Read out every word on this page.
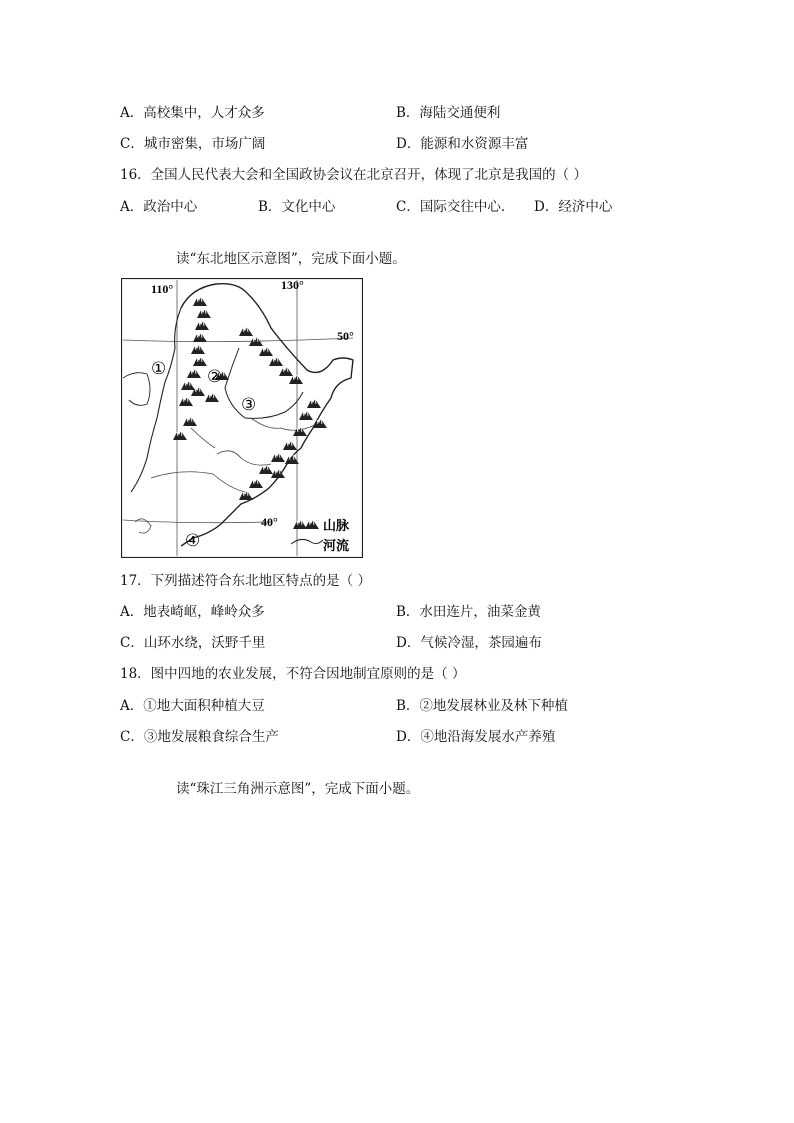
A．高校集中，人才众多	B．海陆交通便利
C．城市密集，市场广阔	D．能源和水资源丰富
16．全国人民代表大会和全国政协会议在北京召开，体现了北京是我国的（ ）
A．政治中心	B．文化中心	C．国际交往中心. D．经济中心
读“东北地区示意图”，完成下面小题。
110°	130°
50°
40°
① ②
③
④
山脉
河流
17．下列描述符合东北地区特点的是（ ）
A．地表崎岖，峰岭众多	B．水田连片，油菜金黄
C．山环水绕，沃野千里	D．气候冷湿，茶园遍布
18．图中四地的农业发展，不符合因地制宜原则的是（ ）
A．①地大面积种植大豆	B．②地发展林业及林下种植
C．③地发展粮食综合生产	D．④地沿海发展水产养殖
读“珠江三角洲示意图”，完成下面小题。
